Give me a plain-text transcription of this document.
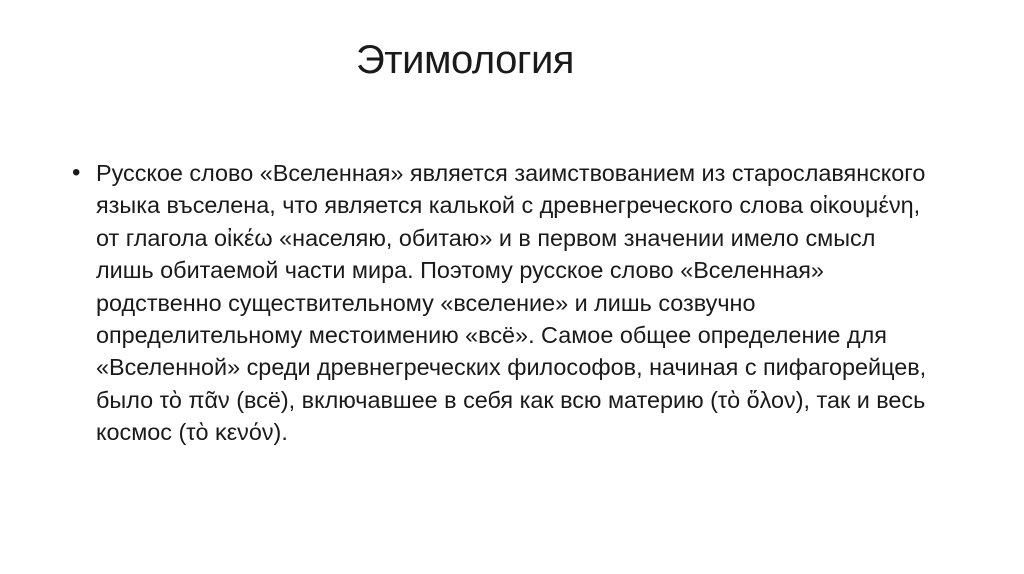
Этимология
• Русское слово «Вселенная» является заимствованием из старославянского языка въселена, что является калькой с древнегреческого слова οἰκουμένη, от глагола οἰκέω «населяю, обитаю» и в первом значении имело смысл лишь обитаемой части мира. Поэтому русское слово «Вселенная» родственно существительному «вселение» и лишь созвучно определительному местоимению «всё». Самое общее определение для «Вселенной» среди древнегреческих философов, начиная с пифагорейцев, было τὸ πᾶν (всё), включавшее в себя как всю материю (τὸ ὅλον), так и весь космос (τὸ κενόν).
